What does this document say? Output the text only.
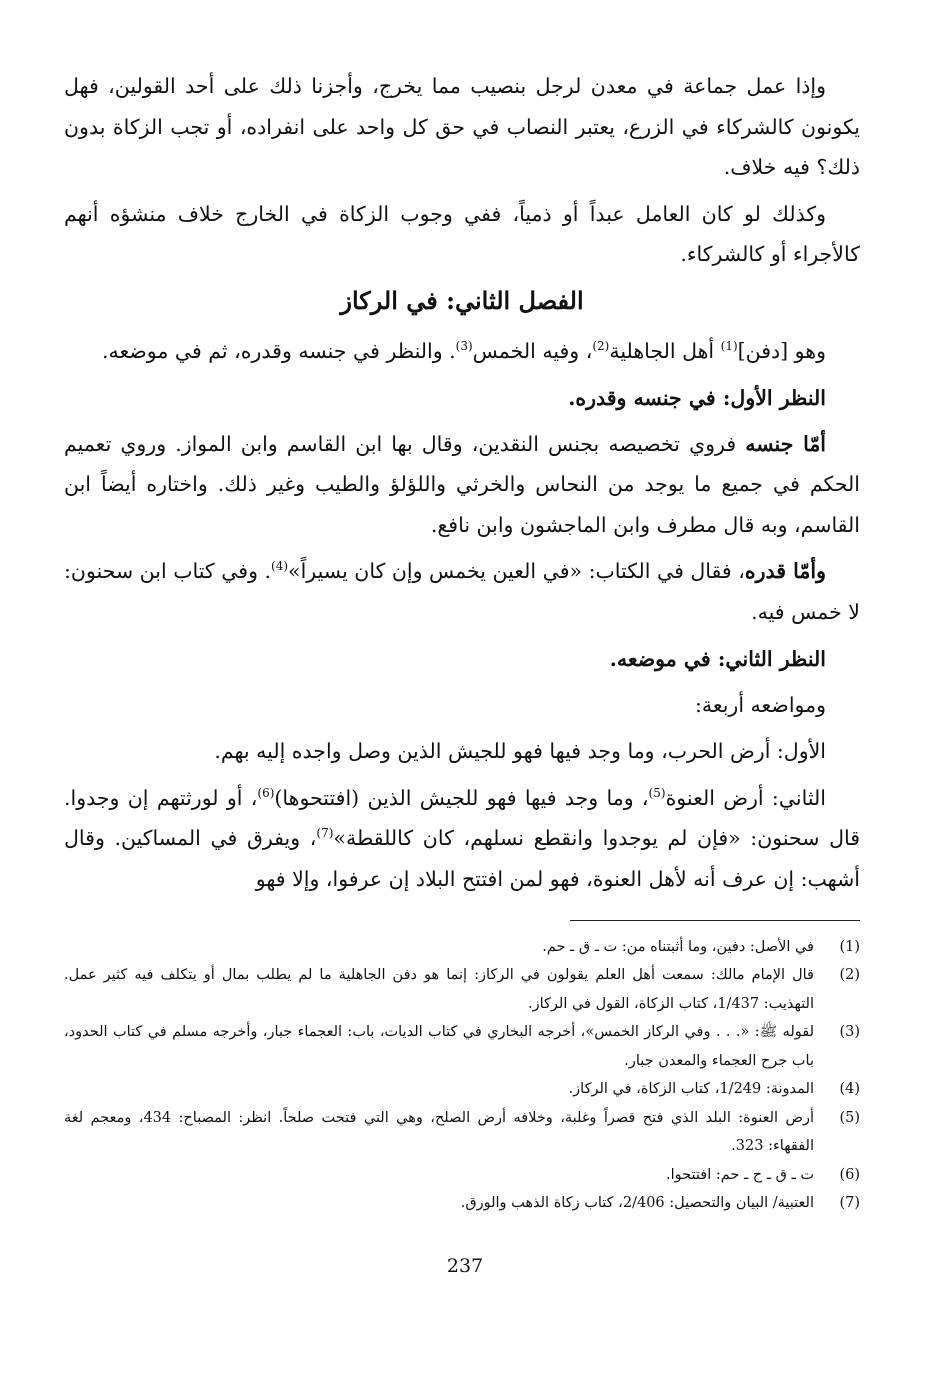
وإذا عمل جماعة في معدن لرجل بنصيب مما يخرج، وأجزنا ذلك على أحد القولين، فهل يكونون كالشركاء في الزرع، يعتبر النصاب في حق كل واحد على انفراده، أو تجب الزكاة بدون ذلك؟ فيه خلاف.

وكذلك لو كان العامل عبداً أو ذمياً، ففي وجوب الزكاة في الخارج خلاف منشؤه أنهم كالأجراء أو كالشركاء.

الفصل الثاني: في الركاز

وهو [دفن]$^{(1)}$ أهل الجاهلية$^{(2)}$، وفيه الخمس$^{(3)}$. والنظر في جنسه وقدره، ثم في موضعه.

النظر الأول: في جنسه وقدره.

أمّا جنسه فروي تخصيصه بجنس النقدين، وقال بها ابن القاسم وابن المواز. وروي تعميم الحكم في جميع ما يوجد من النحاس والخرثي واللؤلؤ والطيب وغير ذلك. واختاره أيضاً ابن القاسم، وبه قال مطرف وابن الماجشون وابن نافع.

وأمّا قدره، فقال في الكتاب: «في العين يخمس وإن كان يسيراً»$^{(4)}$. وفي كتاب ابن سحنون: لا خمس فيه.

النظر الثاني: في موضعه.

ومواضعه أربعة:

الأول: أرض الحرب، وما وجد فيها فهو للجيش الذين وصل واجده إليه بهم.

الثاني: أرض العنوة$^{(5)}$، وما وجد فيها فهو للجيش الذين (افتتحوها)$^{(6)}$، أو لورثتهم إن وجدوا. قال سحنون: «فإن لم يوجدوا وانقطع نسلهم، كان كاللقطة»$^{(7)}$، ويفرق في المساكين. وقال أشهب: إن عرف أنه لأهل العنوة، فهو لمن افتتح البلاد إن عرفوا، وإلا فهو

(1)
في الأصل: دفين، وما أثبتناه من: ت ـ ق ـ حم.
(2)
قال الإمام مالك: سمعت أهل العلم يقولون في الركاز: إنما هو دفن الجاهلية ما لم يطلب بمال أو يتكلف فيه كثير عمل. التهذيب: 1/437، كتاب الزكاة، القول في الركاز.
(3)
لقوله ﷺ: «. . . وفي الركاز الخمس»، أخرجه البخاري في كتاب الديات، باب: العجماء جبار، وأخرجه مسلم في كتاب الحدود، باب جرح العجماء والمعدن جبار.
(4)
المدونة: 1/249، كتاب الزكاة، في الركاز.
(5)
أرض العنوة: البلد الذي فتح قصراً وغلبة، وخلافه أرض الصلح، وهي التي فتحت صلحاً. انظر: المصباح: 434، ومعجم لغة الفقهاء: 323.
(6)
ت ـ ق ـ ح ـ حم: افتتحوا.
(7)
العتبية/ البيان والتحصيل: 2/406، كتاب زكاة الذهب والورق.
237
